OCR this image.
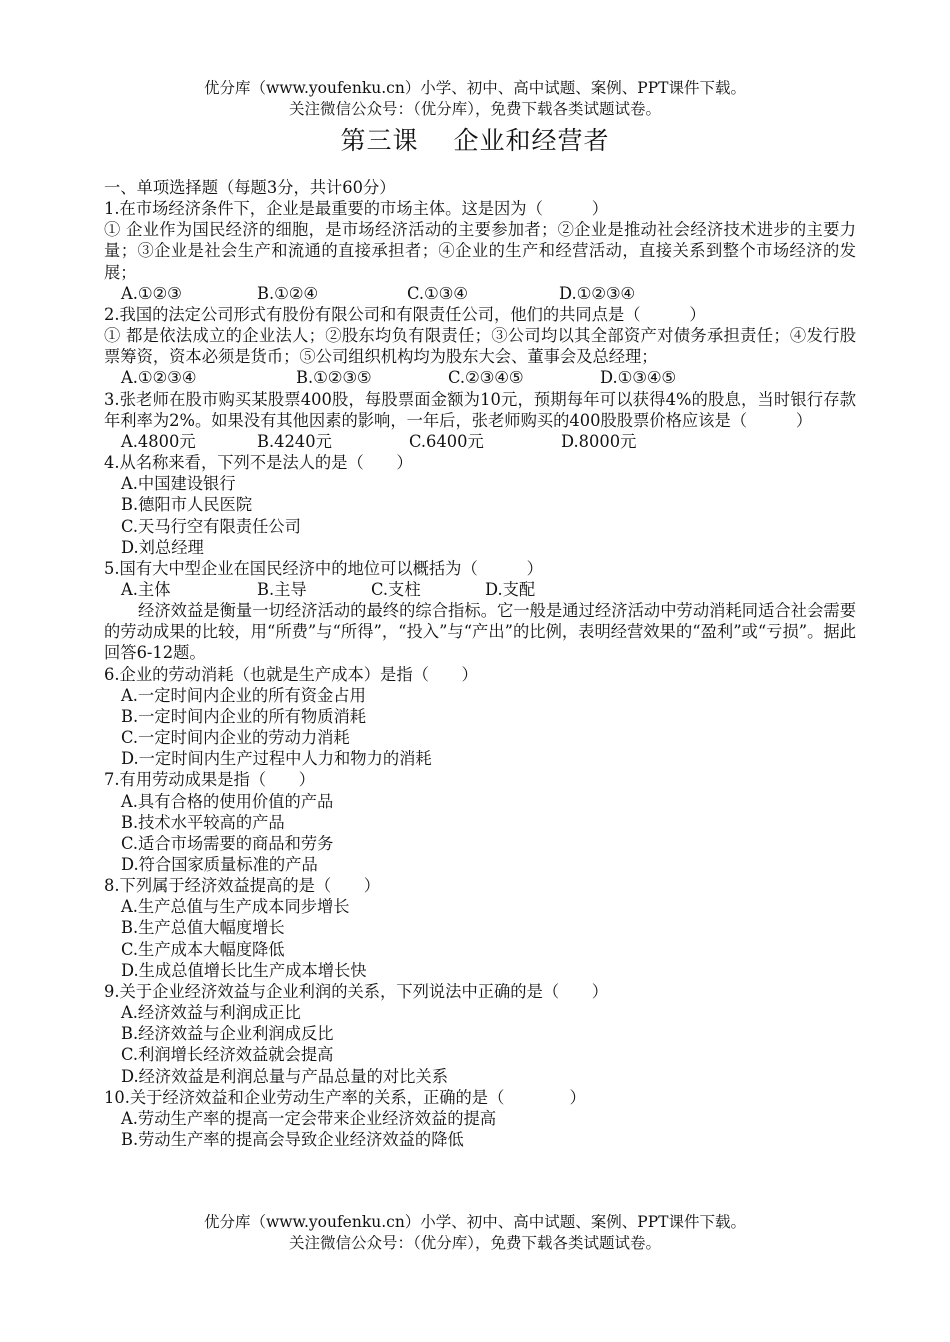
优分库（www.youfenku.cn）小学、初中、高中试题、案例、PPT课件下载。
关注微信公众号：（优分库），免费下载各类试题试卷。
第三课　 企业和经营者
一、单项选择题（每题3分，共计60分）
1.在市场经济条件下，企业是最重要的市场主体。这是因为（　　　）
① 企业作为国民经济的细胞，是市场经济活动的主要参加者；②企业是推动社会经济技术进步的主要力量；③企业是社会生产和流通的直接承担者；④企业的生产和经营活动，直接关系到整个市场经济的发展；
A.①②③	B.①②④	C.①③④	D.①②③④
2.我国的法定公司形式有股份有限公司和有限责任公司，他们的共同点是（　　　）
① 都是依法成立的企业法人；②股东均负有限责任；③公司均以其全部资产对债务承担责任；④发行股票筹资，资本必须是货币；⑤公司组织机构均为股东大会、董事会及总经理；
A.①②③④	B.①②③⑤	C.②③④⑤	D.①③④⑤
3.张老师在股市购买某股票400股，每股票面金额为10元，预期每年可以获得4%的股息，当时银行存款年利率为2%。如果没有其他因素的影响，一年后，张老师购买的400股股票价格应该是（　　　）
A.4800元	B.4240元	C.6400元	D.8000元
4.从名称来看，下列不是法人的是（　　）
A.中国建设银行
B.德阳市人民医院
C.天马行空有限责任公司
D.刘总经理
5.国有大中型企业在国民经济中的地位可以概括为（　　　）
A.主体	B.主导	C.支柱	D.支配
经济效益是衡量一切经济活动的最终的综合指标。它一般是通过经济活动中劳动消耗同适合社会需要的劳动成果的比较，用“所费”与“所得”，“投入”与“产出”的比例，表明经营效果的“盈利”或“亏损”。据此回答6-12题。
6.企业的劳动消耗（也就是生产成本）是指（　　）
A.一定时间内企业的所有资金占用
B.一定时间内企业的所有物质消耗
C.一定时间内企业的劳动力消耗
D.一定时间内生产过程中人力和物力的消耗
7.有用劳动成果是指（　　）
A.具有合格的使用价值的产品
B.技术水平较高的产品
C.适合市场需要的商品和劳务
D.符合国家质量标准的产品
8.下列属于经济效益提高的是（　　）
A.生产总值与生产成本同步增长
B.生产总值大幅度增长
C.生产成本大幅度降低
D.生成总值增长比生产成本增长快
9.关于企业经济效益与企业利润的关系，下列说法中正确的是（　　）
A.经济效益与利润成正比
B.经济效益与企业利润成反比
C.利润增长经济效益就会提高
D.经济效益是利润总量与产品总量的对比关系
10.关于经济效益和企业劳动生产率的关系，正确的是（　　　　）
A.劳动生产率的提高一定会带来企业经济效益的提高
B.劳动生产率的提高会导致企业经济效益的降低
优分库（www.youfenku.cn）小学、初中、高中试题、案例、PPT课件下载。
关注微信公众号：（优分库），免费下载各类试题试卷。
